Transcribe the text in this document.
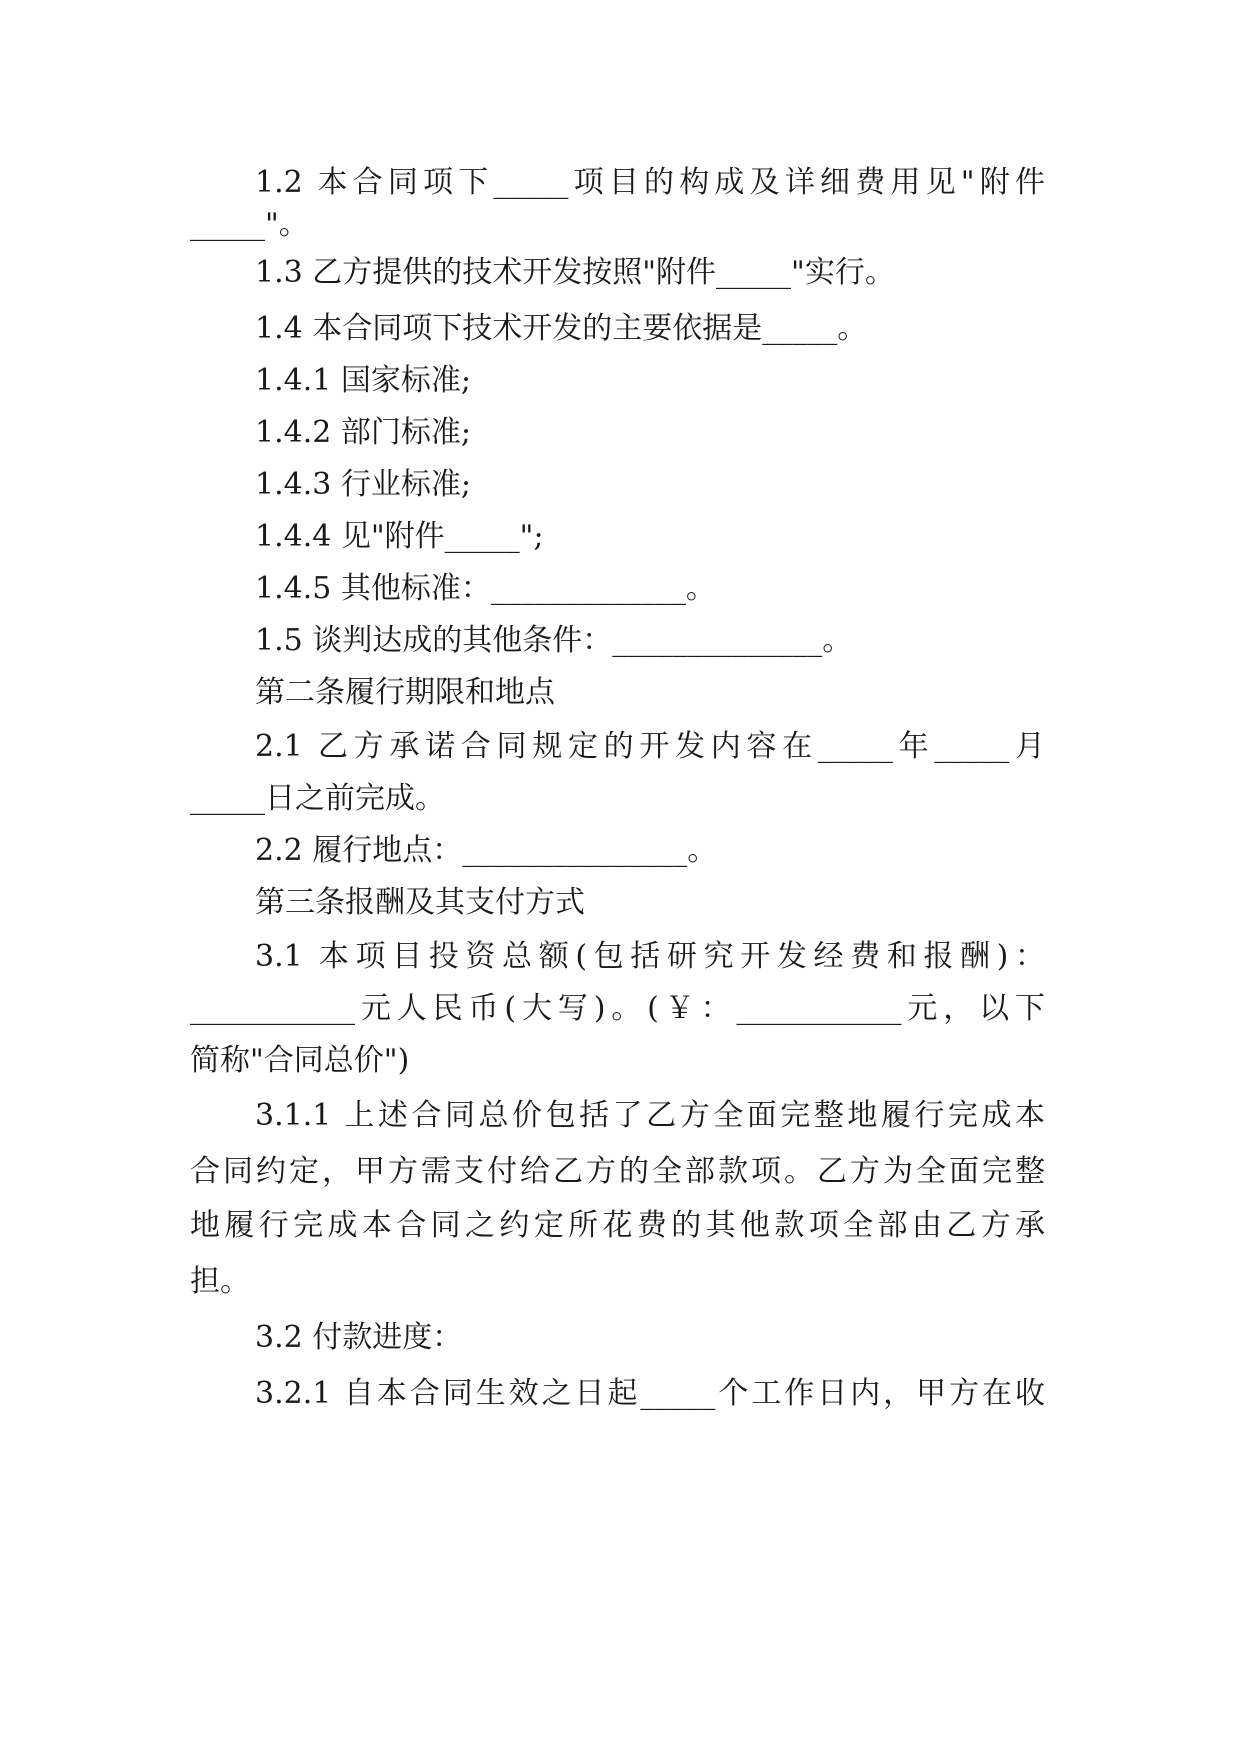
1.2 本合同项下_____项目的构成及详细费用见"附件
_____"。
1.3 乙方提供的技术开发按照"附件_____"实行。
1.4 本合同项下技术开发的主要依据是_____。
1.4.1 国家标准;
1.4.2 部门标准;
1.4.3 行业标准;
1.4.4 见"附件_____";
1.4.5 其他标准：_____________。
1.5 谈判达成的其他条件：______________。
第二条履行期限和地点
2.1 乙方承诺合同规定的开发内容在_____年_____月
_____日之前完成。
2.2 履行地点：_______________。
第三条报酬及其支付方式
3.1 本项目投资总额(包括研究开发经费和报酬)：
___________元人民币(大写)。(￥：___________元，以下
简称"合同总价")
3.1.1 上述合同总价包括了乙方全面完整地履行完成本
合同约定，甲方需支付给乙方的全部款项。乙方为全面完整
地履行完成本合同之约定所花费的其他款项全部由乙方承
担。
3.2 付款进度：
3.2.1 自本合同生效之日起_____个工作日内，甲方在收
